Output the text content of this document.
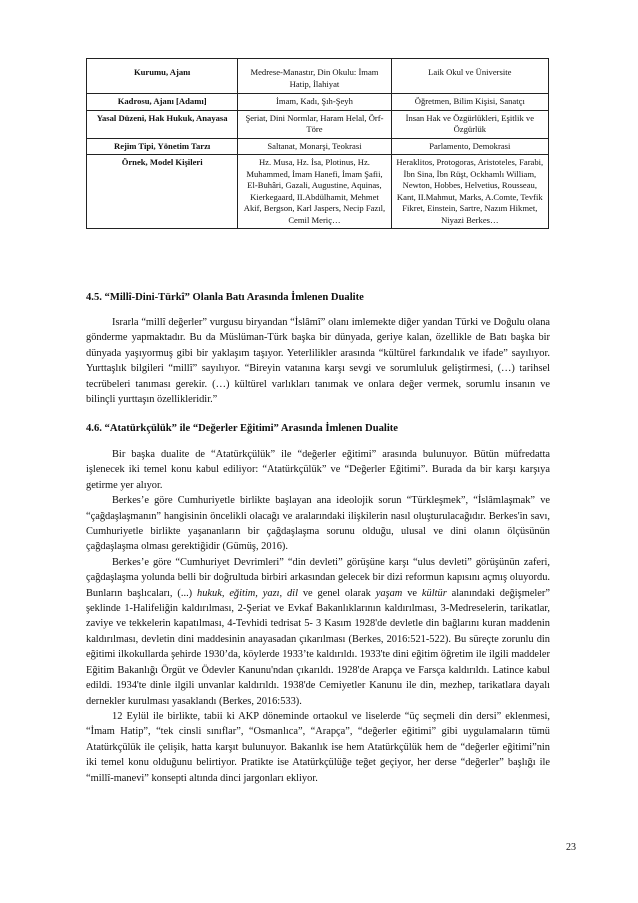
Kurumu, Ajanı	Medrese-Manastır, Din Okulu: İmam Hatip, İlahiyat	Laik Okul ve Üniversite
Kadrosu, Ajanı [Adamı]	İmam, Kadı, Şıh-Şeyh	Öğretmen, Bilim Kişisi, Sanatçı
Yasal Düzeni, Hak Hukuk, Anayasa	Şeriat, Dini Normlar, Haram Helal, Örf-Töre	İnsan Hak ve Özgürlükleri, Eşitlik ve Özgürlük
Rejim Tipi, Yönetim Tarzı	Saltanat, Monarşi, Teokrasi	Parlamento, Demokrasi
Örnek, Model Kişileri	Hz. Musa, Hz. İsa, Plotinus, Hz. Muhammed, İmam Hanefi, İmam Şafii, El-Buhâri, Gazali, Augustine, Aquinas, Kierkegaard, II.Abdülhamit, Mehmet Akif, Bergson, Karl Jaspers, Necip Fazıl, Cemil Meriç…	Heraklitos, Protogoras, Aristoteles, Farabi, İbn Sina, İbn Rüşt, Ockhamlı William, Newton, Hobbes, Helvetius, Rousseau, Kant, II.Mahmut, Marks, A.Comte, Tevfik Fikret, Einstein, Sartre, Nazım Hikmet, Niyazi Berkes…
4.5. “Millî-Dini-Türkî” Olanla Batı Arasında İmlenen Dualite

Israrla “millî değerler” vurgusu biryandan “İslâmî” olanı imlemekte diğer yandan Türki ve Doğulu olana gönderme yapmaktadır. Bu da Müslüman-Türk başka bir dünyada, geriye kalan, özellikle de Batı başka bir dünyada yaşıyormuş gibi bir yaklaşım taşıyor. Yeterlilikler arasında “kültürel farkındalık ve ifade” sayılıyor. Yurttaşlık bilgileri “millî” sayılıyor. “Bireyin vatanına karşı sevgi ve sorumluluk geliştirmesi, (…) tarihsel tecrübeleri tanıması gerekir. (…) kültürel varlıkları tanımak ve onlara değer vermek, sorumlu insanın ve bilinçli yurttaşın özellikleridir.”

4.6. “Atatürkçülük” ile “Değerler Eğitimi” Arasında İmlenen Dualite

Bir başka dualite de “Atatürkçülük” ile “değerler eğitimi” arasında bulunuyor. Bütün müfredatta işlenecek iki temel konu kabul ediliyor: “Atatürkçülük” ve “Değerler Eğitimi”. Burada da bir karşı karşıya getirme yer alıyor.

Berkes’e göre Cumhuriyetle birlikte başlayan ana ideolojik sorun “Türkleşmek”, “İslâmlaşmak” ve “çağdaşlaşmanın” hangisinin öncelikli olacağı ve aralarındaki ilişkilerin nasıl oluşturulacağıdır. Berkes'in savı, Cumhuriyetle birlikte yaşananların bir çağdaşlaşma sorunu olduğu, ulusal ve dini olanın ölçüsünün çağdaşlaşma olması gerektiğidir (Gümüş, 2016).

Berkes’e göre “Cumhuriyet Devrimleri” “din devleti” görüşüne karşı “ulus devleti” görüşünün zaferi, çağdaşlaşma yolunda belli bir doğrultuda birbiri arkasından gelecek bir dizi reformun kapısını açmış oluyordu. Bunların başlıcaları, (...) hukuk, eğitim, yazı, dil ve genel olarak yaşam ve kültür alanındaki değişmeler” şeklinde 1-Halifeliğin kaldırılması, 2-Şeriat ve Evkaf Bakanlıklarının kaldırılması, 3-Medreselerin, tarikatlar, zaviye ve tekkelerin kapatılması, 4-Tevhidi tedrisat 5- 3 Kasım 1928'de devletle din bağlarını kuran maddenin kaldırılması, devletin dini maddesinin anayasadan çıkarılması (Berkes, 2016:521-522). Bu süreçte zorunlu din eğitimi ilkokullarda şehirde 1930’da, köylerde 1933’te kaldırıldı. 1933'te dini eğitim öğretim ile ilgili maddeler Eğitim Bakanlığı Örgüt ve Ödevler Kanunu'ndan çıkarıldı. 1928'de Arapça ve Farsça kaldırıldı. Latince kabul edildi. 1934'te dinle ilgili unvanlar kaldırıldı. 1938'de Cemiyetler Kanunu ile din, mezhep, tarikatlara dayalı dernekler kurulması yasaklandı (Berkes, 2016:533).

12 Eylül ile birlikte, tabii ki AKP döneminde ortaokul ve liselerde “üç seçmeli din dersi” eklenmesi, “İmam Hatip”, “tek cinsli sınıflar”, “Osmanlıca”, “Arapça”, “değerler eğitimi” gibi uygulamaların tümü Atatürkçülük ile çelişik, hatta karşıt bulunuyor. Bakanlık ise hem Atatürkçülük hem de “değerler eğitimi”nin iki temel konu olduğunu belirtiyor. Pratikte ise Atatürkçülüğe teğet geçiyor, her derse “değerler” başlığı ile “millî-manevi” konsepti altında dinci jargonları ekliyor.

23
